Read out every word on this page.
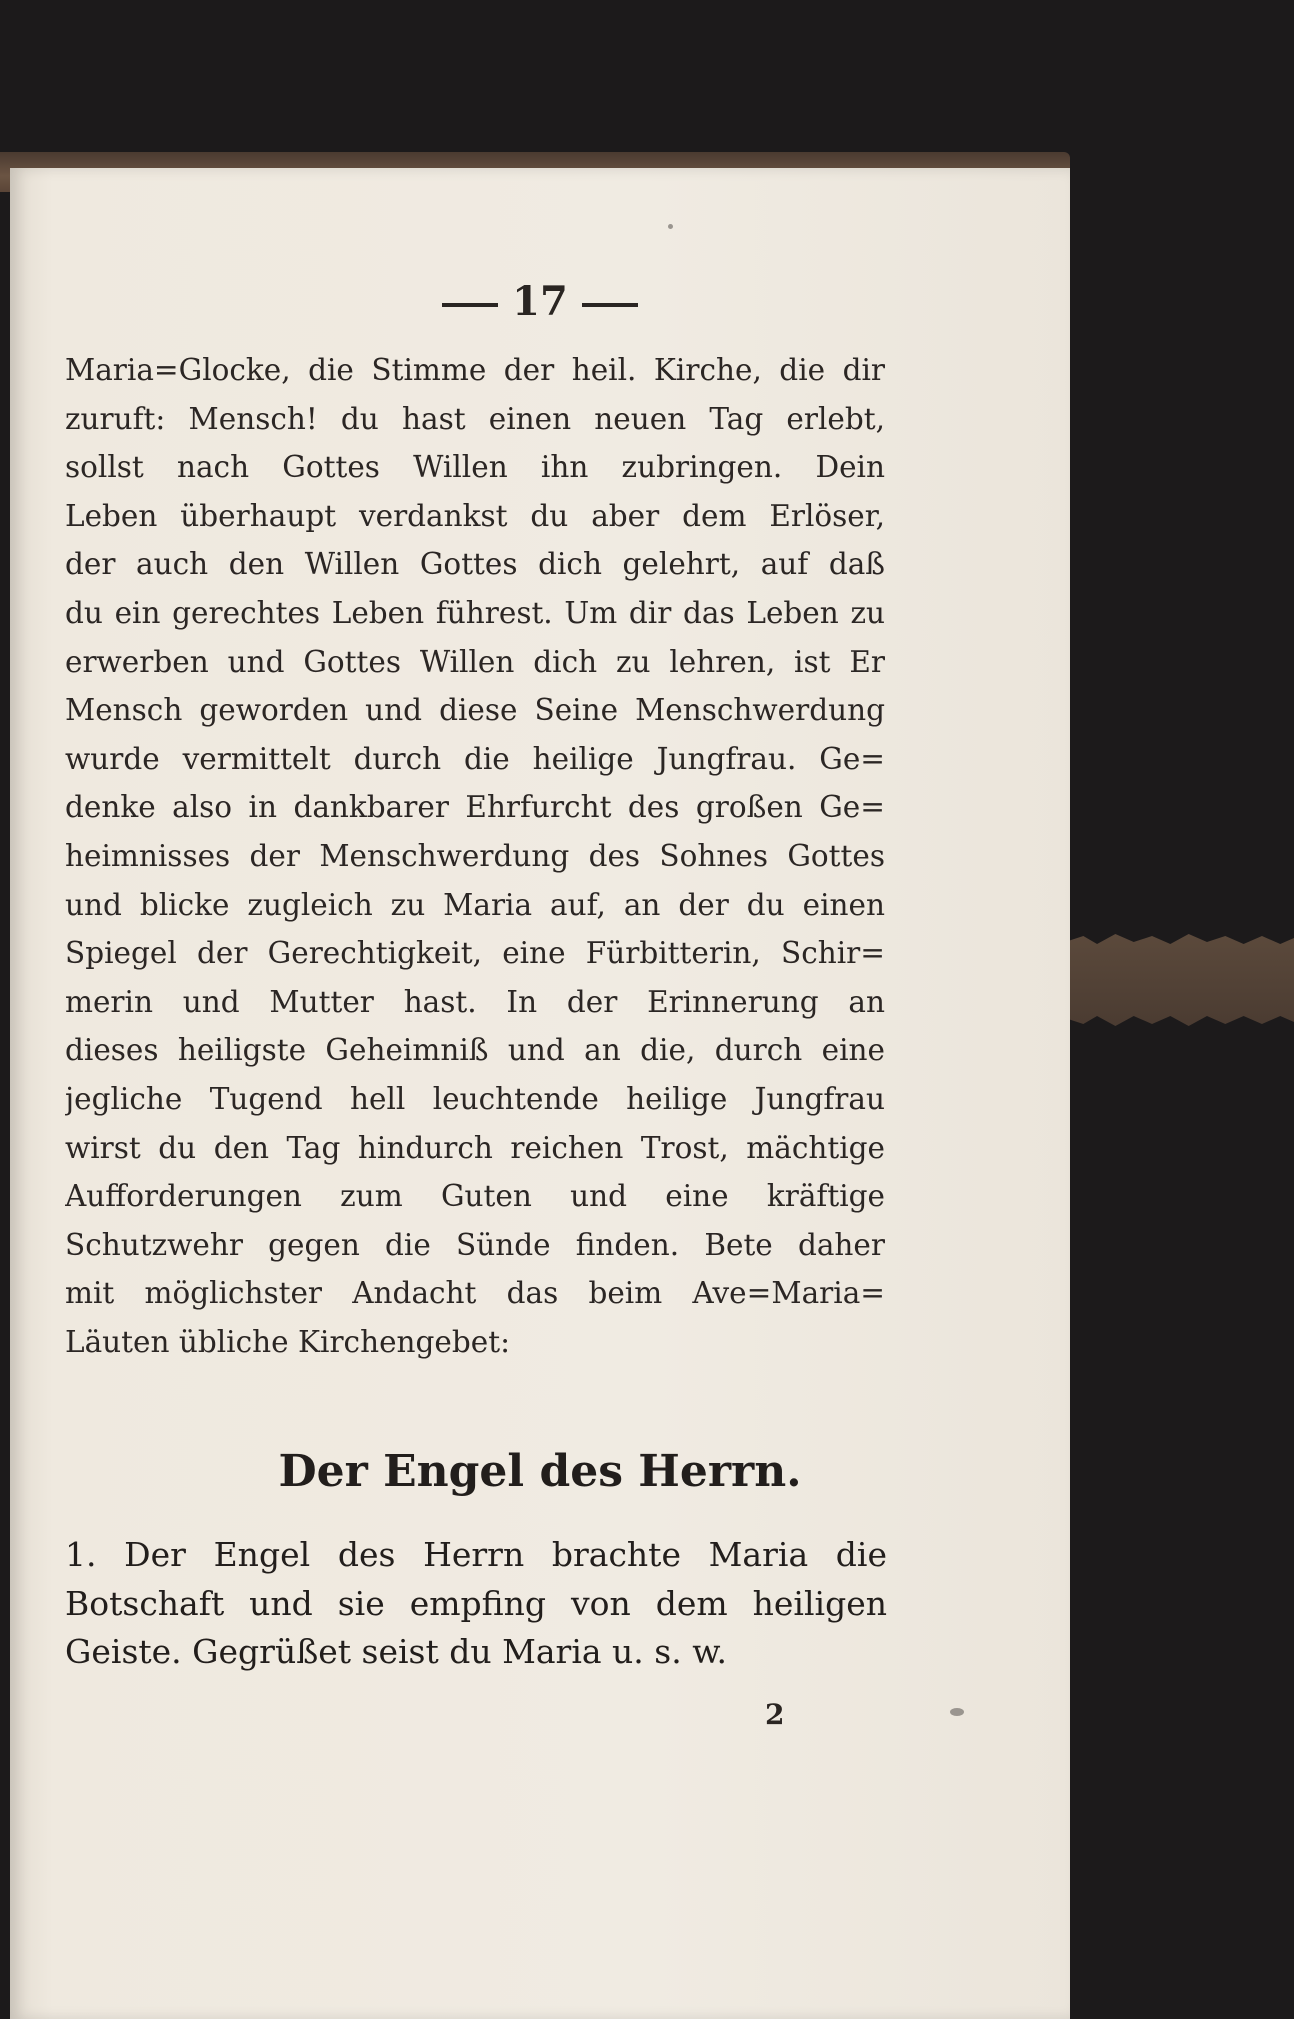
17
Maria=Glocke, die Stimme der heil. Kirche, die dir
zuruft: Mensch! du hast einen neuen Tag erlebt,
sollst nach Gottes Willen ihn zubringen. Dein
Leben überhaupt verdankst du aber dem Erlöser,
der auch den Willen Gottes dich gelehrt, auf daß
du ein gerechtes Leben führest. Um dir das Leben zu
erwerben und Gottes Willen dich zu lehren, ist Er
Mensch geworden und diese Seine Menschwerdung
wurde vermittelt durch die heilige Jungfrau. Ge=
denke also in dankbarer Ehrfurcht des großen Ge=
heimnisses der Menschwerdung des Sohnes Gottes
und blicke zugleich zu Maria auf, an der du einen
Spiegel der Gerechtigkeit, eine Fürbitterin, Schir=
merin und Mutter hast. In der Erinnerung an
dieses heiligste Geheimniß und an die, durch eine
jegliche Tugend hell leuchtende heilige Jungfrau
wirst du den Tag hindurch reichen Trost, mächtige
Aufforderungen zum Guten und eine kräftige
Schutzwehr gegen die Sünde finden. Bete daher
mit möglichster Andacht das beim Ave=Maria=
Läuten übliche Kirchengebet:
Der Engel des Herrn.
1. Der Engel des Herrn brachte Maria die
Botschaft und sie empfing von dem heiligen
Geiste. Gegrüßet seist du Maria u. s. w.
2
